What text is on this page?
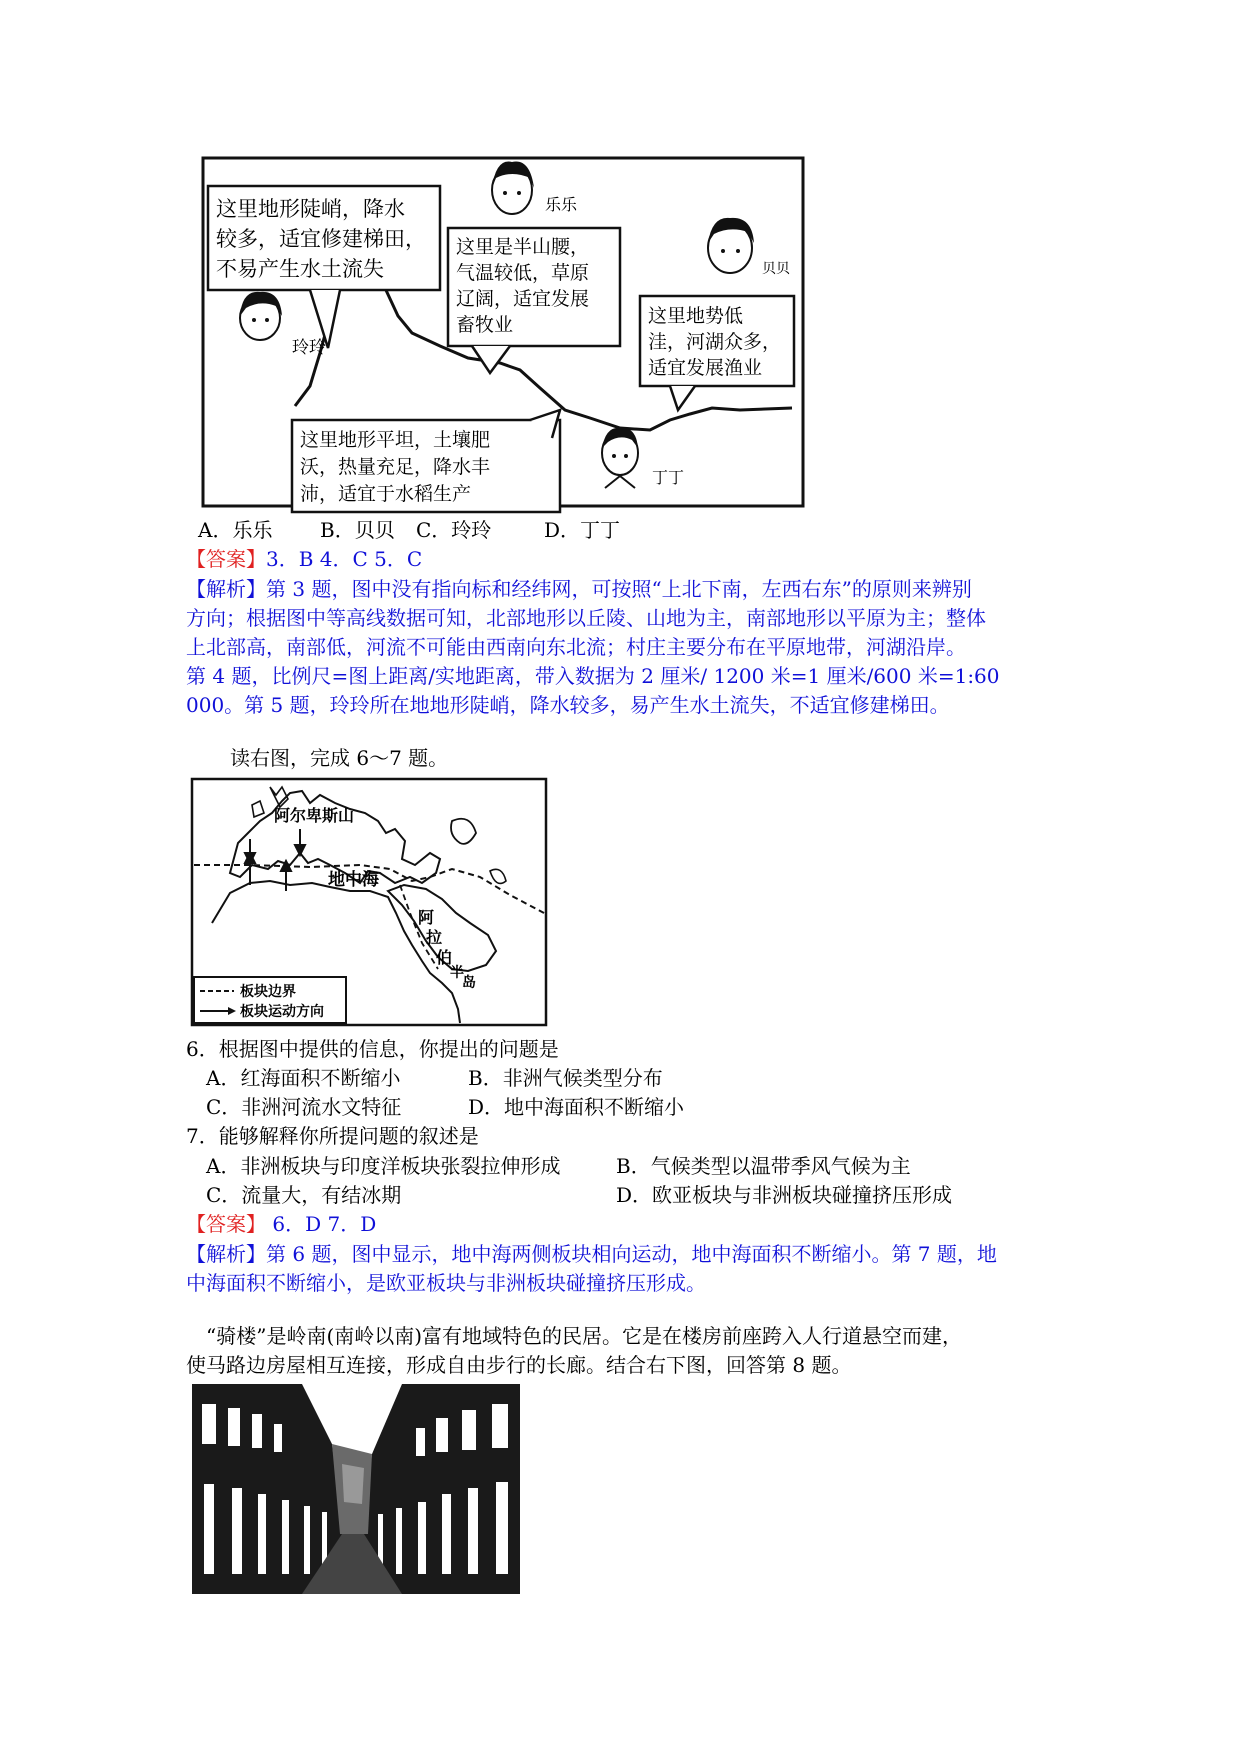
这里地形陡峭，降水
较多，适宜修建梯田，
不易产生水土流失
这里是半山腰，
气温较低，草原
辽阔，适宜发展
畜牧业	这里地势低
洼，河湖众多，
适宜发展渔业
这里地形平坦，土壤肥
沃，热量充足，降水丰
沛，适宜于水稻生产
乐乐
贝贝
玲玲
丁丁
A．乐乐 B．贝贝 C．玲玲	D．丁丁
【答案】3．B 4．C 5．C
【解析】第 3 题，图中没有指向标和经纬网，可按照“上北下南，左西右东”的原则来辨别
方向；根据图中等高线数据可知，北部地形以丘陵、山地为主，南部地形以平原为主；整体
上北部高，南部低，河流不可能由西南向东北流；村庄主要分布在平原地带，河湖沿岸。
第 4 题，比例尺=图上距离/实地距离，带入数据为 2 厘米/ 1200 米=1 厘米/600 米=1:60
000。第 5 题，玲玲所在地地形陡峭，降水较多，易产生水土流失，不适宜修建梯田。
读右图，完成 6～7 题。
阿尔卑斯山
地中海
阿
拉
伯
半
岛
板块边界
板块运动方向
6．根据图中提供的信息，你提出的问题是
A．红海面积不断缩小	B．非洲气候类型分布
C．非洲河流水文特征	D．地中海面积不断缩小
7．能够解释你所提问题的叙述是
A．非洲板块与印度洋板块张裂拉伸形成	B．气候类型以温带季风气候为主
C．流量大，有结冰期	D．欧亚板块与非洲板块碰撞挤压形成
【答案】 6．D 7．D
【解析】第 6 题，图中显示，地中海两侧板块相向运动，地中海面积不断缩小。第 7 题，地
中海面积不断缩小，是欧亚板块与非洲板块碰撞挤压形成。
“骑楼”是岭南(南岭以南)富有地域特色的民居。它是在楼房前座跨入人行道悬空而建，
使马路边房屋相互连接，形成自由步行的长廊。结合右下图，回答第 8 题。
